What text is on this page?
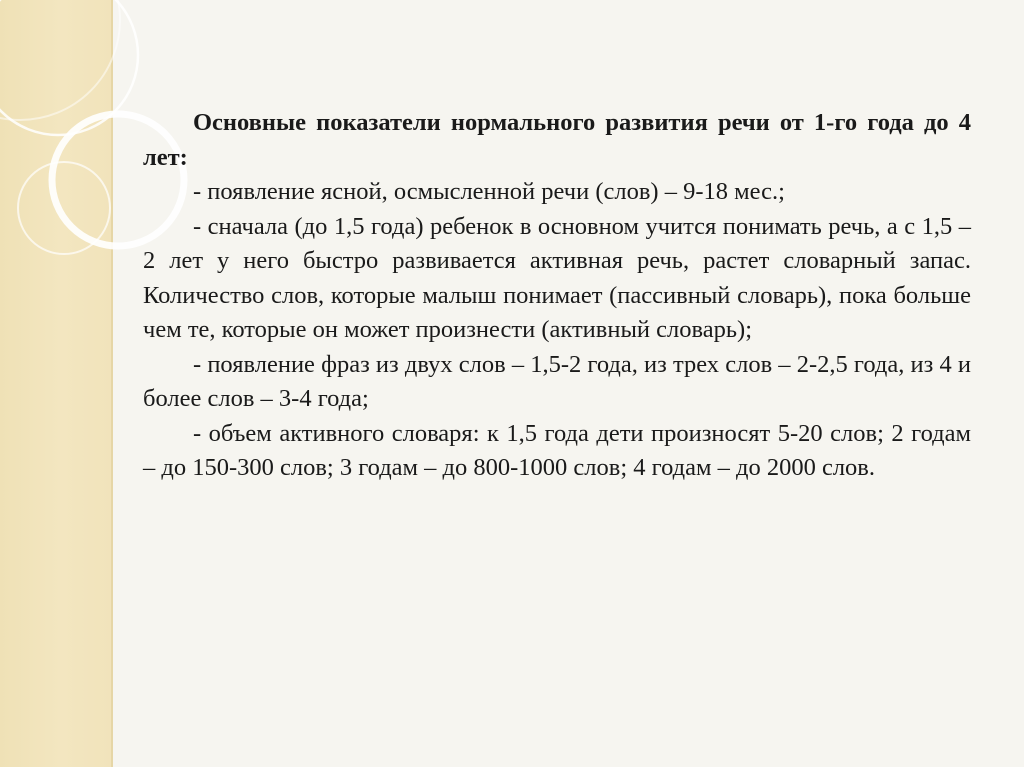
Основные показатели нормального развития речи от 1-го года до 4 лет:

- появление ясной, осмысленной речи (слов) – 9-18 мес.;

- сначала (до 1,5 года) ребенок в основном учится понимать речь, а с 1,5 – 2 лет у него быстро развивается активная речь, растет словарный запас. Количество слов, которые малыш понимает (пассивный словарь), пока больше чем те, которые он может произнести (активный словарь);

- появление фраз из двух слов – 1,5-2 года, из трех слов – 2-2,5 года, из 4 и более слов – 3-4 года;

- объем активного словаря: к 1,5 года дети произносят 5-20 слов; 2 годам – до 150-300 слов; 3 годам – до 800-1000 слов; 4 годам – до 2000 слов.
